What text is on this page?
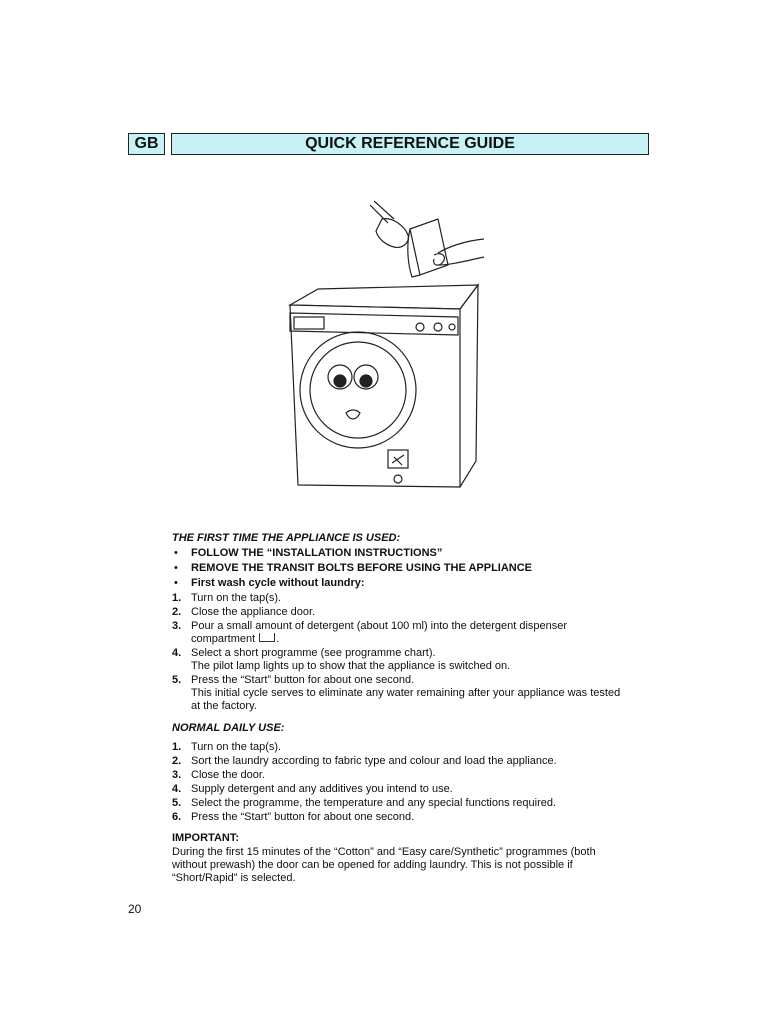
GB	QUICK REFERENCE GUIDE

THE FIRST TIME THE APPLIANCE IS USED:

• FOLLOW THE “INSTALLATION INSTRUCTIONS”
• REMOVE THE TRANSIT BOLTS BEFORE USING THE APPLIANCE
• First wash cycle without laundry:
1. Turn on the tap(s).
2. Close the appliance door.
3. Pour a small amount of detergent (about 100 ml) into the detergent dispenser
compartment .
4. Select a short programme (see programme chart).
The pilot lamp lights up to show that the appliance is switched on.
5. Press the “Start” button for about one second.
This initial cycle serves to eliminate any water remaining after your appliance was tested
at the factory.

NORMAL DAILY USE:

1. Turn on the tap(s).
2. Sort the laundry according to fabric type and colour and load the appliance.
3. Close the door.
4. Supply detergent and any additives you intend to use.
5. Select the programme, the temperature and any special functions required.
6. Press the “Start” button for about one second.

IMPORTANT:

During the first 15 minutes of the “Cotton” and “Easy care/Synthetic” programmes (both without prewash) the door can be opened for adding laundry. This is not possible if “Short/Rapid” is selected.

20
